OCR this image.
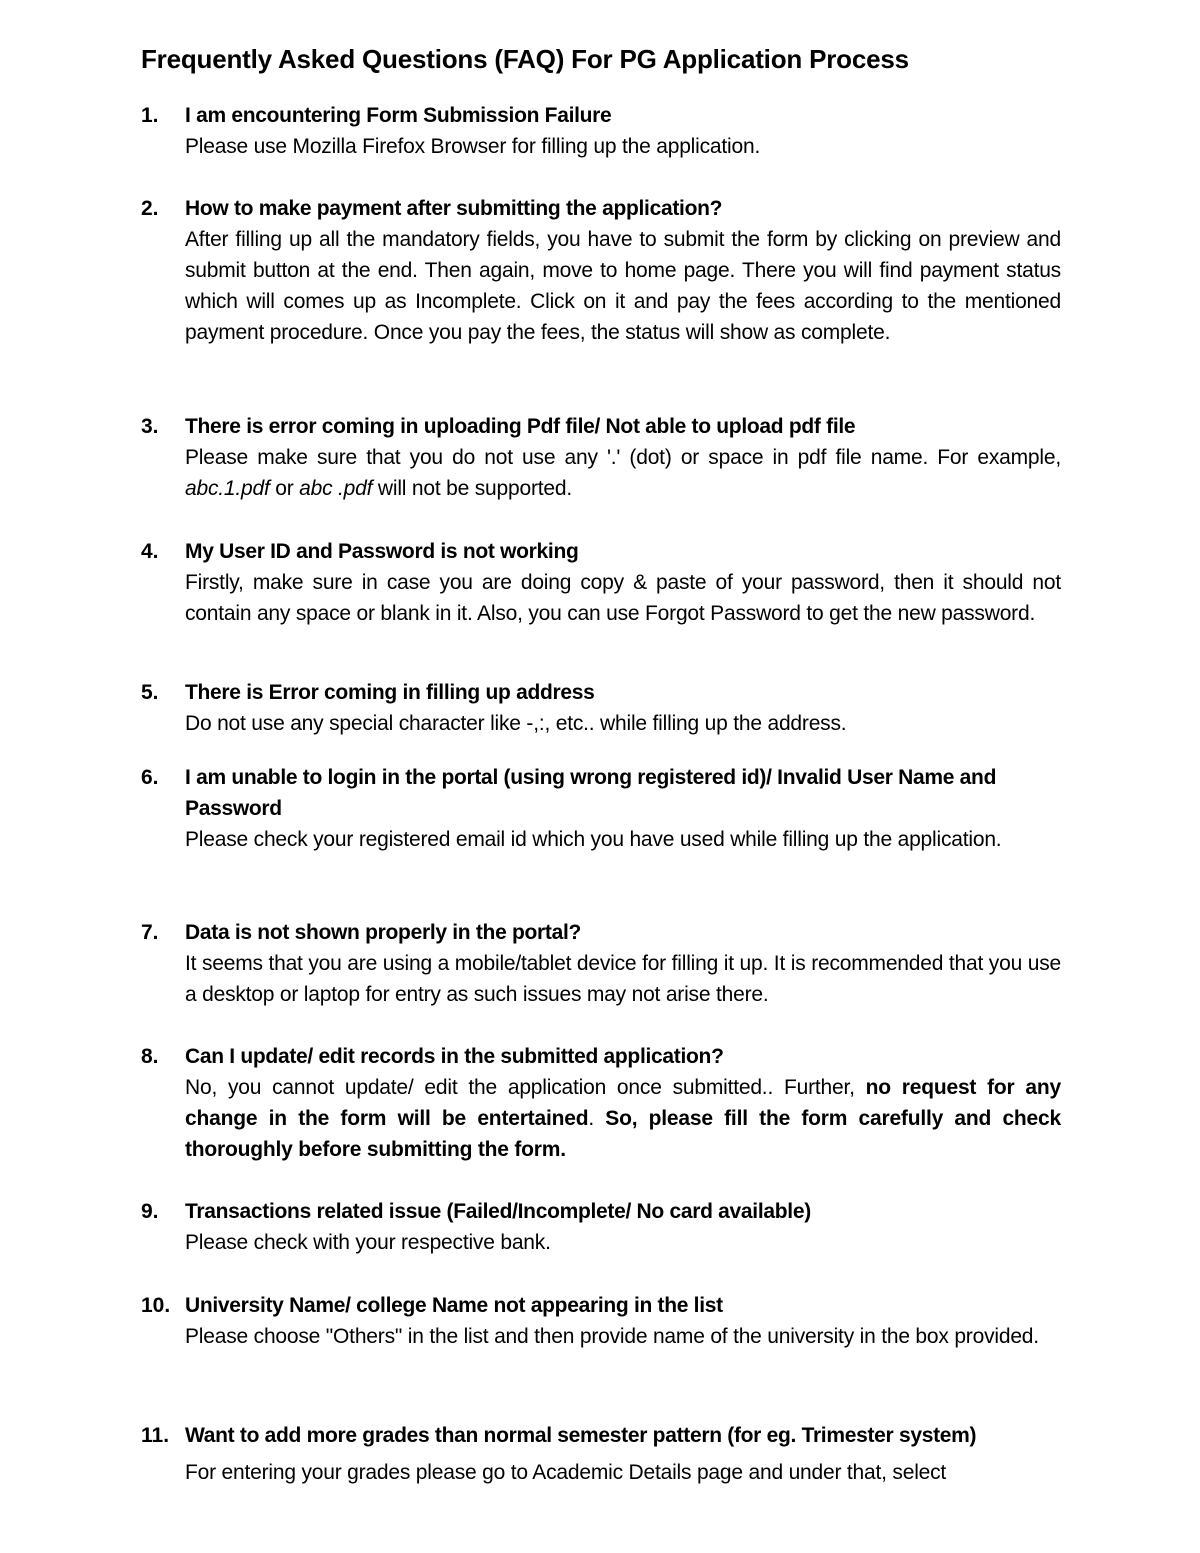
Frequently Asked Questions (FAQ) For PG Application Process
1. I am encountering Form Submission Failure
Please use Mozilla Firefox Browser for filling up the application.
2. How to make payment after submitting the application?
After filling up all the mandatory fields, you have to submit the form by clicking on preview and submit button at the end. Then again, move to home page. There you will find payment status which will comes up as Incomplete. Click on it and pay the fees according to the mentioned payment procedure. Once you pay the fees, the status will show as complete.
3. There is error coming in uploading Pdf file/ Not able to upload pdf file
Please make sure that you do not use any '.' (dot) or space in pdf file name. For example, abc.1.pdf or abc .pdf will not be supported.
4. My User ID and Password is not working
Firstly, make sure in case you are doing copy & paste of your password, then it should not contain any space or blank in it. Also, you can use Forgot Password to get the new password.
5. There is Error coming in filling up address
Do not use any special character like -,:, etc.. while filling up the address.
6. I am unable to login in the portal (using wrong registered id)/ Invalid User Name and Password
Please check your registered email id which you have used while filling up the application.
7. Data is not shown properly in the portal?
It seems that you are using a mobile/tablet device for filling it up. It is recommended that you use a desktop or laptop for entry as such issues may not arise there.
8. Can I update/ edit records in the submitted application?
No, you cannot update/ edit the application once submitted.. Further, no request for any change in the form will be entertained. So, please fill the form carefully and check thoroughly before submitting the form.
9. Transactions related issue (Failed/Incomplete/ No card available)
Please check with your respective bank.
10. University Name/ college Name not appearing in the list
Please choose "Others" in the list and then provide name of the university in the box provided.
11. Want to add more grades than normal semester pattern (for eg. Trimester system)
For entering your grades please go to Academic Details page and under that, select
